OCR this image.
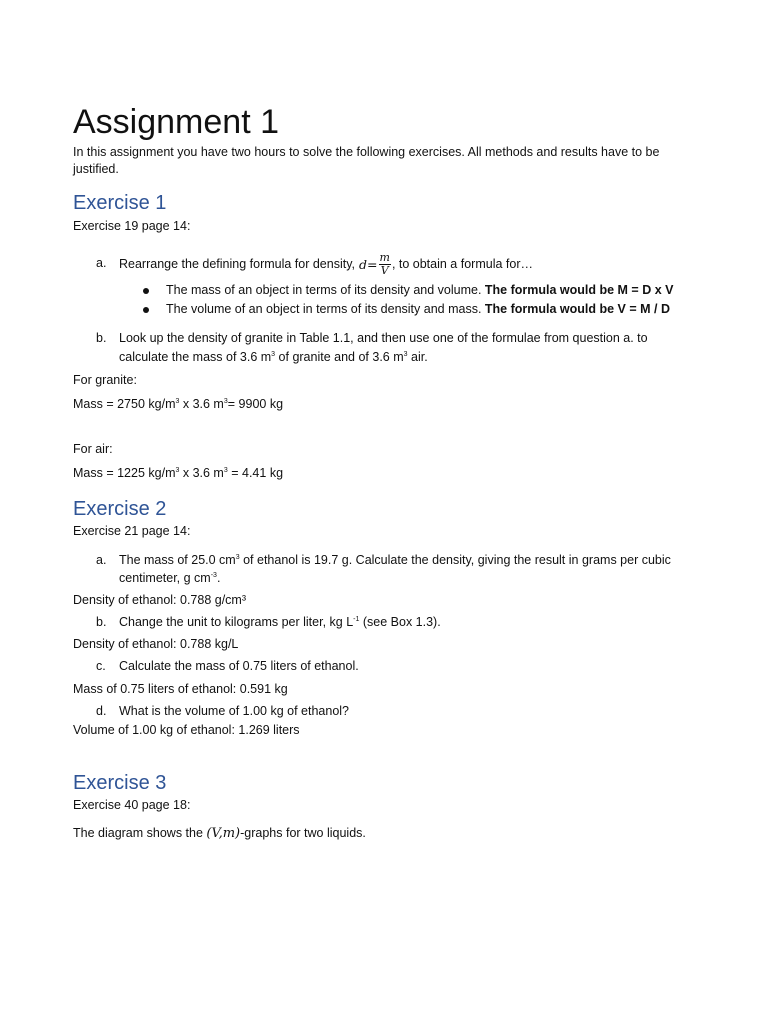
Assignment 1
In this assignment you have two hours to solve the following exercises. All methods and results have to be justified.
Exercise 1
Exercise 19 page 14:
a. Rearrange the defining formula for density, $d= \frac{m}{V}$ , to obtain a formula for…
The mass of an object in terms of its density and volume. The formula would be M = D x V
The volume of an object in terms of its density and mass. The formula would be V = M / D
b. Look up the density of granite in Table 1.1, and then use one of the formulae from question a. to
calculate the mass of 3.6 $m^3$ of granite and of 3.6 $m^3$ air.
For granite:
Mass = 2750 $kg/m^3$ x 3.6 $m^3= 9900$ kg
For air:
Mass = 1225 $kg/m^3$ x 3.6 $m^3 = 4.41$ kg
Exercise 2
Exercise 21 page 14:
a. The mass of 25.0 $cm^3$ of ethanol is 19.7 g. Calculate the density, giving the result in grams per cubic
centimeter, g $cm^{-3}$.
Density of ethanol: 0.788 g/cm³
b. Change the unit to kilograms per liter, kg $L^{-1}$ (see Box 1.3).
Density of ethanol: 0.788 kg/L
c. Calculate the mass of 0.75 liters of ethanol.
Mass of 0.75 liters of ethanol: 0.591 kg
d. What is the volume of 1.00 kg of ethanol?
Volume of 1.00 kg of ethanol: 1.269 liters
Exercise 3
Exercise 40 page 18:
The diagram shows the (V,m)-graphs for two liquids.
